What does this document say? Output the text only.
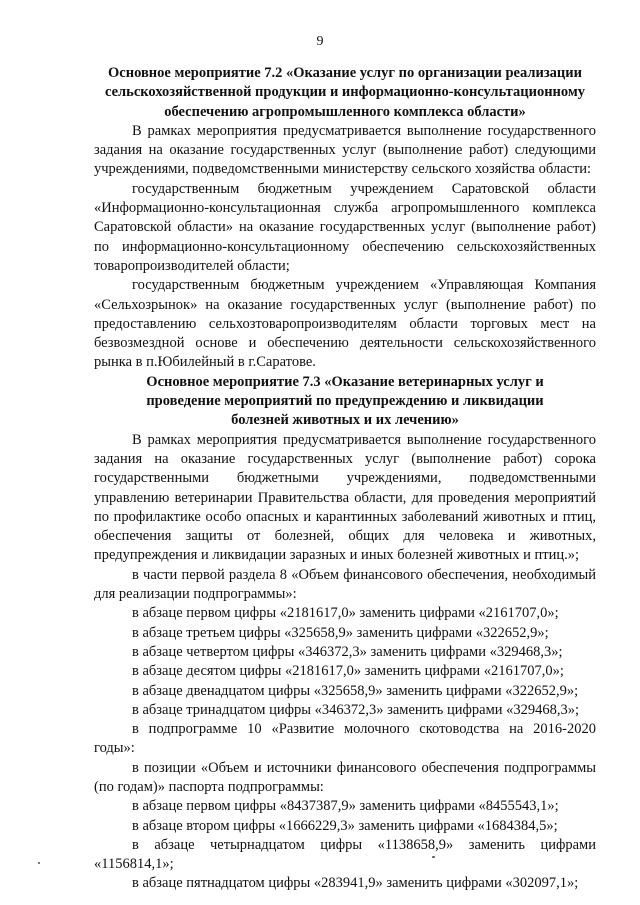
9

Основное мероприятие 7.2 «Оказание услуг по организации реализации сельскохозяйственной продукции и информационно-консультационному обеспечению агропромышленного комплекса области»

В рамках мероприятия предусматривается выполнение государственного задания на оказание государственных услуг (выполнение работ) следующими учреждениями, подведомственными министерству сельского хозяйства области:

государственным бюджетным учреждением Саратовской области «Информационно-консультационная служба агропромышленного комплекса Саратовской области» на оказание государственных услуг (выполнение работ) по информационно-консультационному обеспечению сельскохозяйственных товаропроизводителей области;

государственным бюджетным учреждением «Управляющая Компания «Сельхозрынок» на оказание государственных услуг (выполнение работ) по предоставлению сельхозтоваропроизводителям области торговых мест на безвозмездной основе и обеспечению деятельности сельскохозяйственного рынка в п.Юбилейный в г.Саратове.

Основное мероприятие 7.3 «Оказание ветеринарных услуг и проведение мероприятий по предупреждению и ликвидации болезней животных и их лечению»

В рамках мероприятия предусматривается выполнение государственного задания на оказание государственных услуг (выполнение работ) сорока государственными бюджетными учреждениями, подведомственными управлению ветеринарии Правительства области, для проведения мероприятий по профилактике особо опасных и карантинных заболеваний животных и птиц, обеспечения защиты от болезней, общих для человека и животных, предупреждения и ликвидации заразных и иных болезней животных и птиц.»;

в части первой раздела 8 «Объем финансового обеспечения, необходимый для реализации подпрограммы»:

в абзаце первом цифры «2181617,0» заменить цифрами «2161707,0»;

в абзаце третьем цифры «325658,9» заменить цифрами «322652,9»;

в абзаце четвертом цифры «346372,3» заменить цифрами «329468,3»;

в абзаце десятом цифры «2181617,0» заменить цифрами «2161707,0»;

в абзаце двенадцатом цифры «325658,9» заменить цифрами «322652,9»;

в абзаце тринадцатом цифры «346372,3» заменить цифрами «329468,3»;

в подпрограмме 10 «Развитие молочного скотоводства на 2016-2020 годы»:

в позиции «Объем и источники финансового обеспечения подпрограммы (по годам)» паспорта подпрограммы:

в абзаце первом цифры «8437387,9» заменить цифрами «8455543,1»;

в абзаце втором цифры «1666229,3» заменить цифрами «1684384,5»;

в абзаце четырнадцатом цифры «1138658,9» заменить цифрами «1156814,1»;

в абзаце пятнадцатом цифры «283941,9» заменить цифрами «302097,1»;
